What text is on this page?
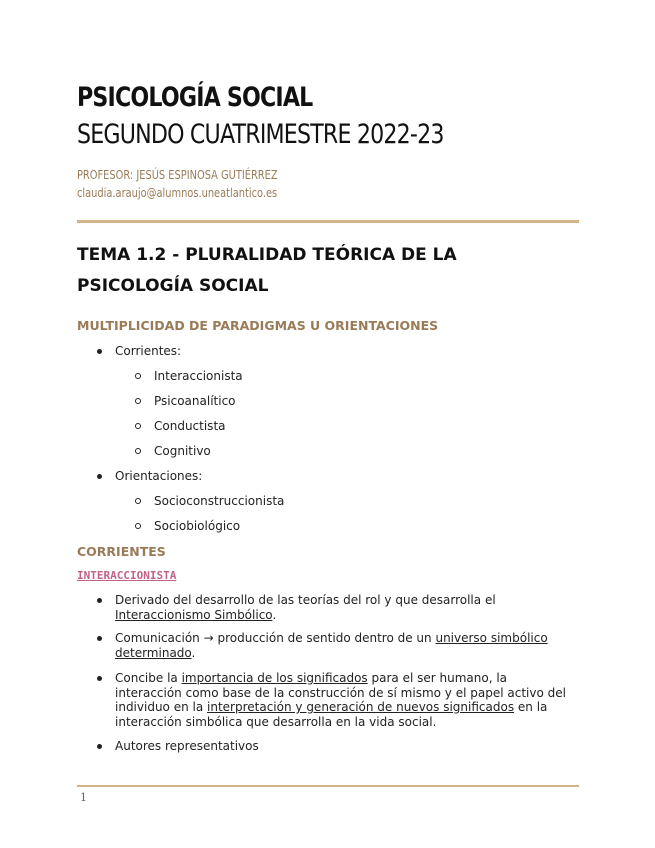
PSICOLOGÍA SOCIAL
SEGUNDO CUATRIMESTRE 2022-23
PROFESOR: JESÚS ESPINOSA GUTIÉRREZ
claudia.araujo@alumnos.uneatlantico.es
TEMA 1.2 - PLURALIDAD TEÓRICA DE LA PSICOLOGÍA SOCIAL
MULTIPLICIDAD DE PARADIGMAS U ORIENTACIONES
Corrientes:
Interaccionista
Psicoanalítico
Conductista
Cognitivo
Orientaciones:
Socioconstruccionista
Sociobiológico
CORRIENTES
INTERACCIONISTA
Derivado del desarrollo de las teorías del rol y que desarrolla el Interaccionismo Simbólico.
Comunicación → producción de sentido dentro de un universo simbólico determinado.
Concibe la importancia de los significados para el ser humano, la interacción como base de la construcción de sí mismo y el papel activo del individuo en la interpretación y generación de nuevos significados en la interacción simbólica que desarrolla en la vida social.
Autores representativos
1
